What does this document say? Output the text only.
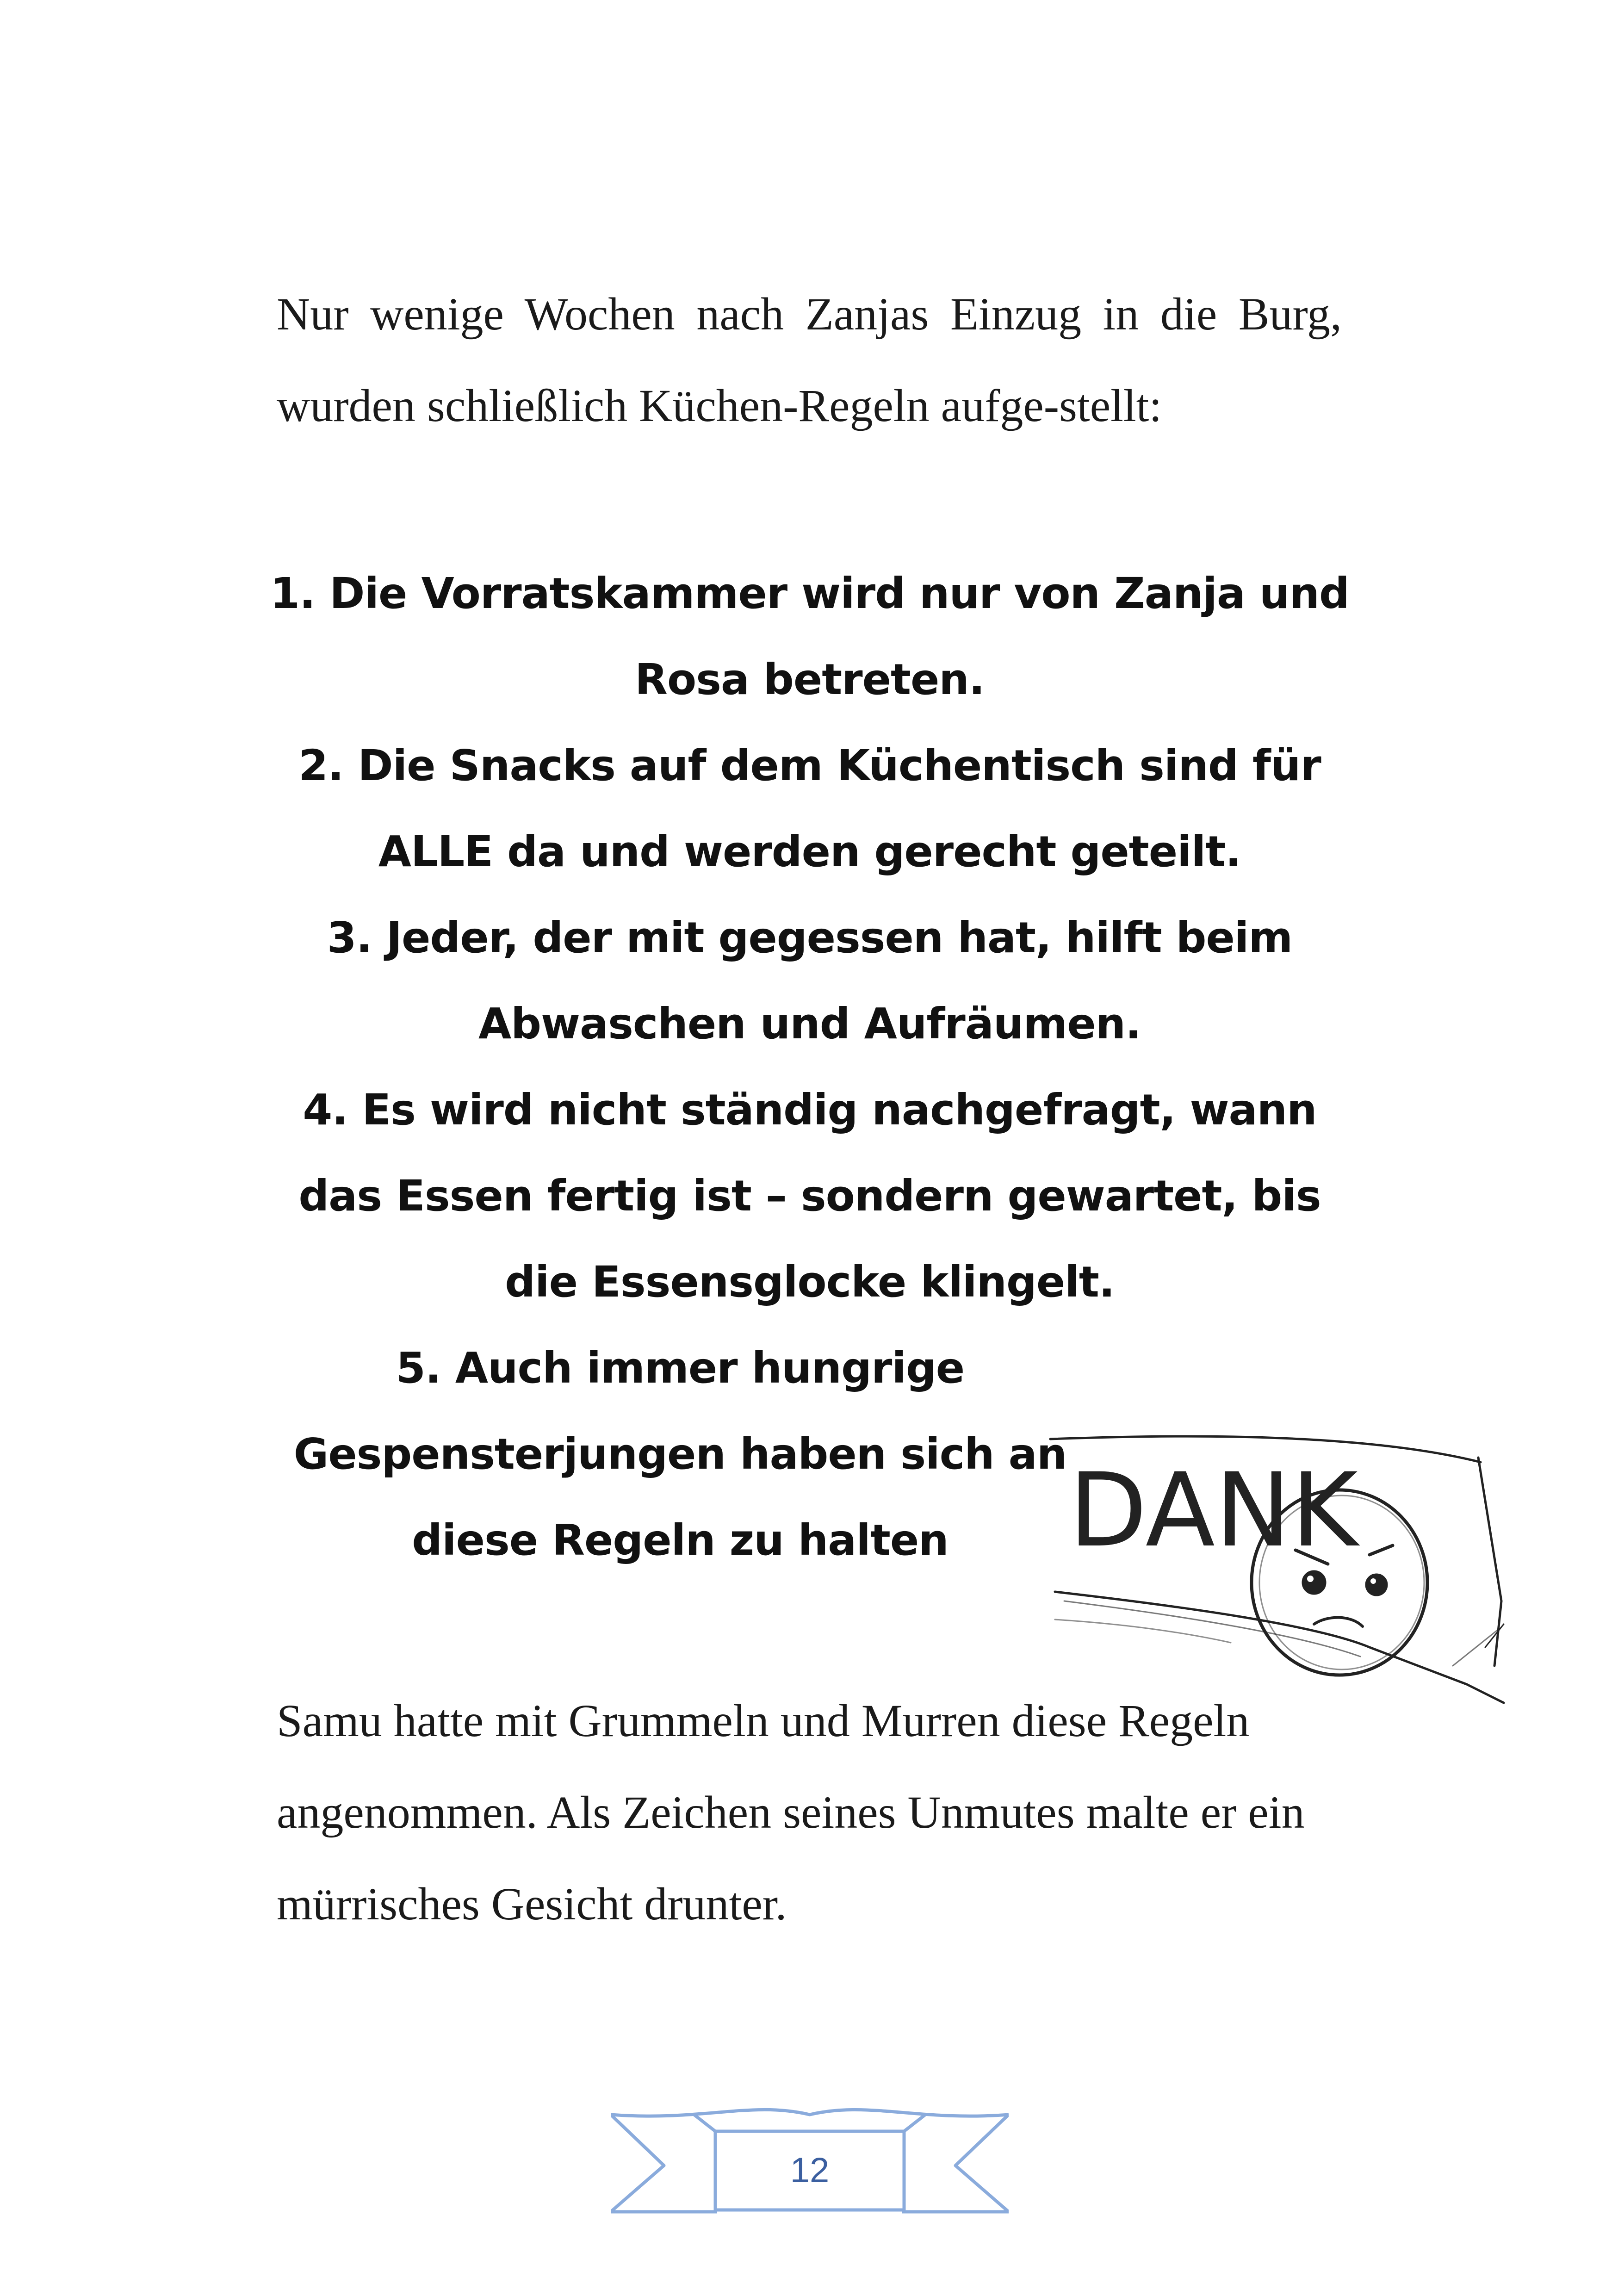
Nur wenige Wochen nach Zanjas Einzug in die Burg, wurden schließlich Küchen-Regeln aufge-stellt:
1. Die Vorratskammer wird nur von Zanja und Rosa betreten.
2. Die Snacks auf dem Küchentisch sind für ALLE da und werden gerecht geteilt.
3. Jeder, der mit gegessen hat, hilft beim Abwaschen und Aufräumen.
4. Es wird nicht ständig nachgefragt, wann das Essen fertig ist – sondern gewartet, bis die Essensglocke klingelt.
5. Auch immer hungrige Gespensterjungen haben sich an diese Regeln zu halten	DANK
Samu hatte mit Grummeln und Murren diese Regeln angenommen. Als Zeichen seines Unmutes malte er ein mürrisches Gesicht drunter.
12
